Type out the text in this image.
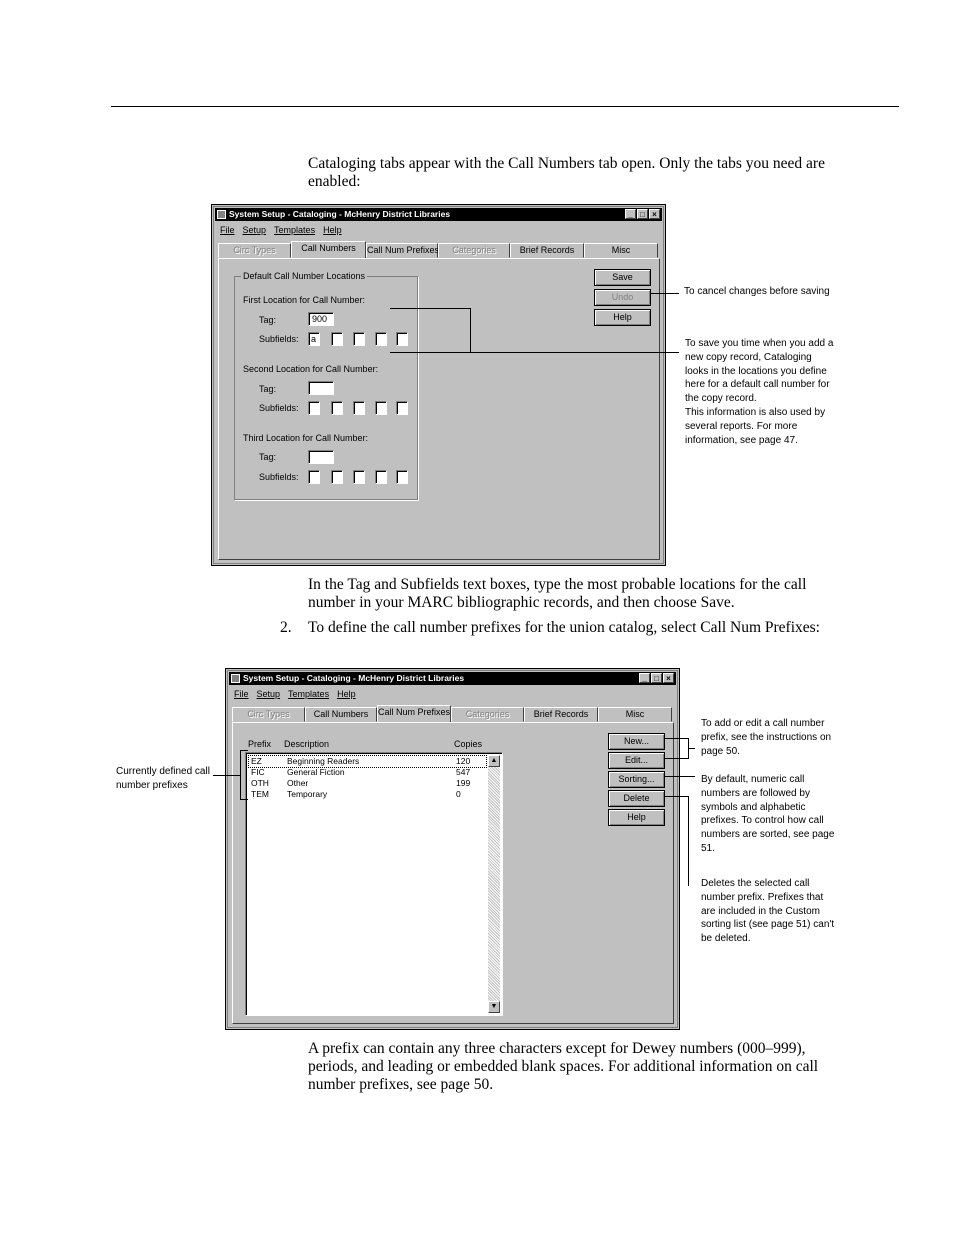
Cataloging tabs appear with the Call Numbers tab open. Only the tabs you need are enabled:

System Setup - Cataloging - McHenry District Libraries	_ □ ×
File Setup Templates Help
Circ Types	Call Numbers	Call Num Prefixes	Categories	Brief Records	Misc
Default Call Number Locations
First Location for Call Number:
Tag:	900
Subfields:	a
Second Location for Call Number:
Tag:
Subfields:
Third Location for Call Number:
Tag:
Subfields:
Save
Undo
Help

To cancel changes before saving

To save you time when you add a new copy record, Cataloging looks in the locations you define here for a default call number for the copy record.
This information is also used by several reports. For more information, see page 47.

In the Tag and Subfields text boxes, type the most probable locations for the call number in your MARC bibliographic records, and then choose Save.

2. To define the call number prefixes for the union catalog, select Call Num Prefixes:

System Setup - Cataloging - McHenry District Libraries	_ □ ×
File Setup Templates Help
Circ Types	Call Numbers	Call Num Prefixes	Categories	Brief Records	Misc
Prefix Description	Copies
EZ	Beginning Readers	120
FIC	General Fiction	547
OTH Other	199
TEM Temporary	0
▲
▼
New...
Edit...
Sorting...
Delete
Help

To add or edit a call number prefix, see the instructions on page 50.

By default, numeric call numbers are followed by symbols and alphabetic prefixes. To control how call numbers are sorted, see page 51.

Deletes the selected call number prefix. Prefixes that are included in the Custom sorting list (see page 51) can't be deleted.

Currently defined call number prefixes

A prefix can contain any three characters except for Dewey numbers (000–999), periods, and leading or embedded blank spaces. For additional information on call number prefixes, see page 50.
